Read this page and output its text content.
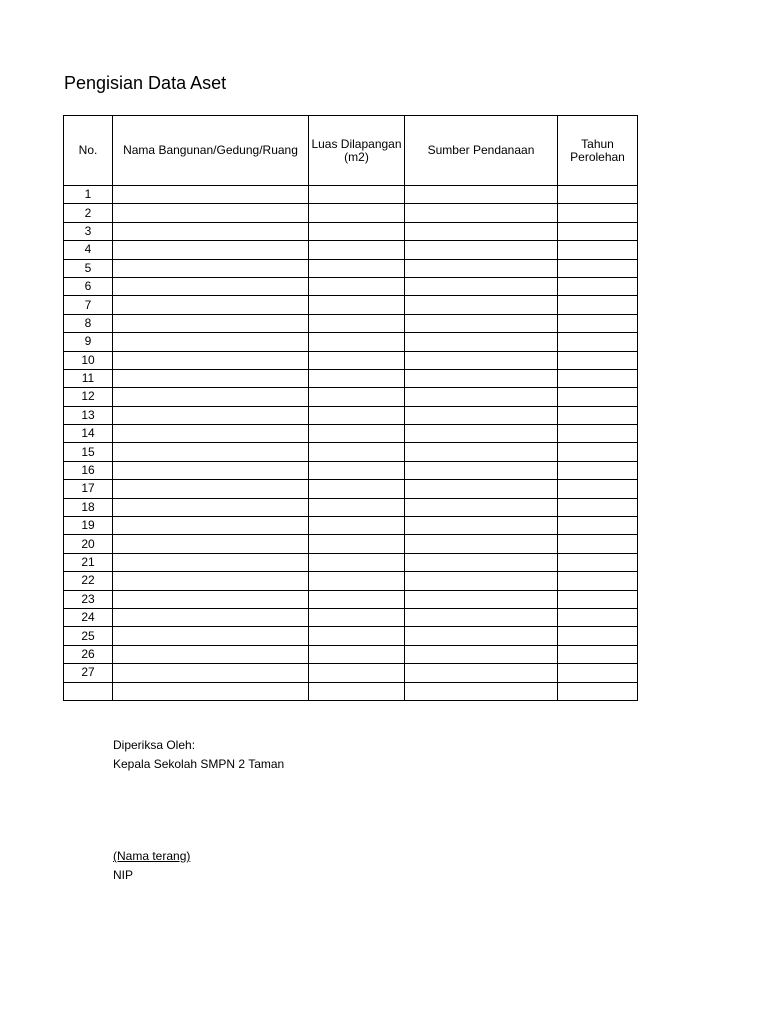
Pengisian Data Aset
No.	Nama Bangunan/Gedung/Ruang	Luas Dilapangan (m2)	Sumber Pendanaan	Tahun Perolehan
1				
2				
3				
4				
5				
6				
7				
8				
9				
10				
11				
12				
13				
14				
15				
16				
17				
18				
19				
20				
21				
22				
23				
24				
25				
26				
27				

Diperiksa Oleh:
Kepala Sekolah SMPN 2 Taman
(Nama terang)
NIP
